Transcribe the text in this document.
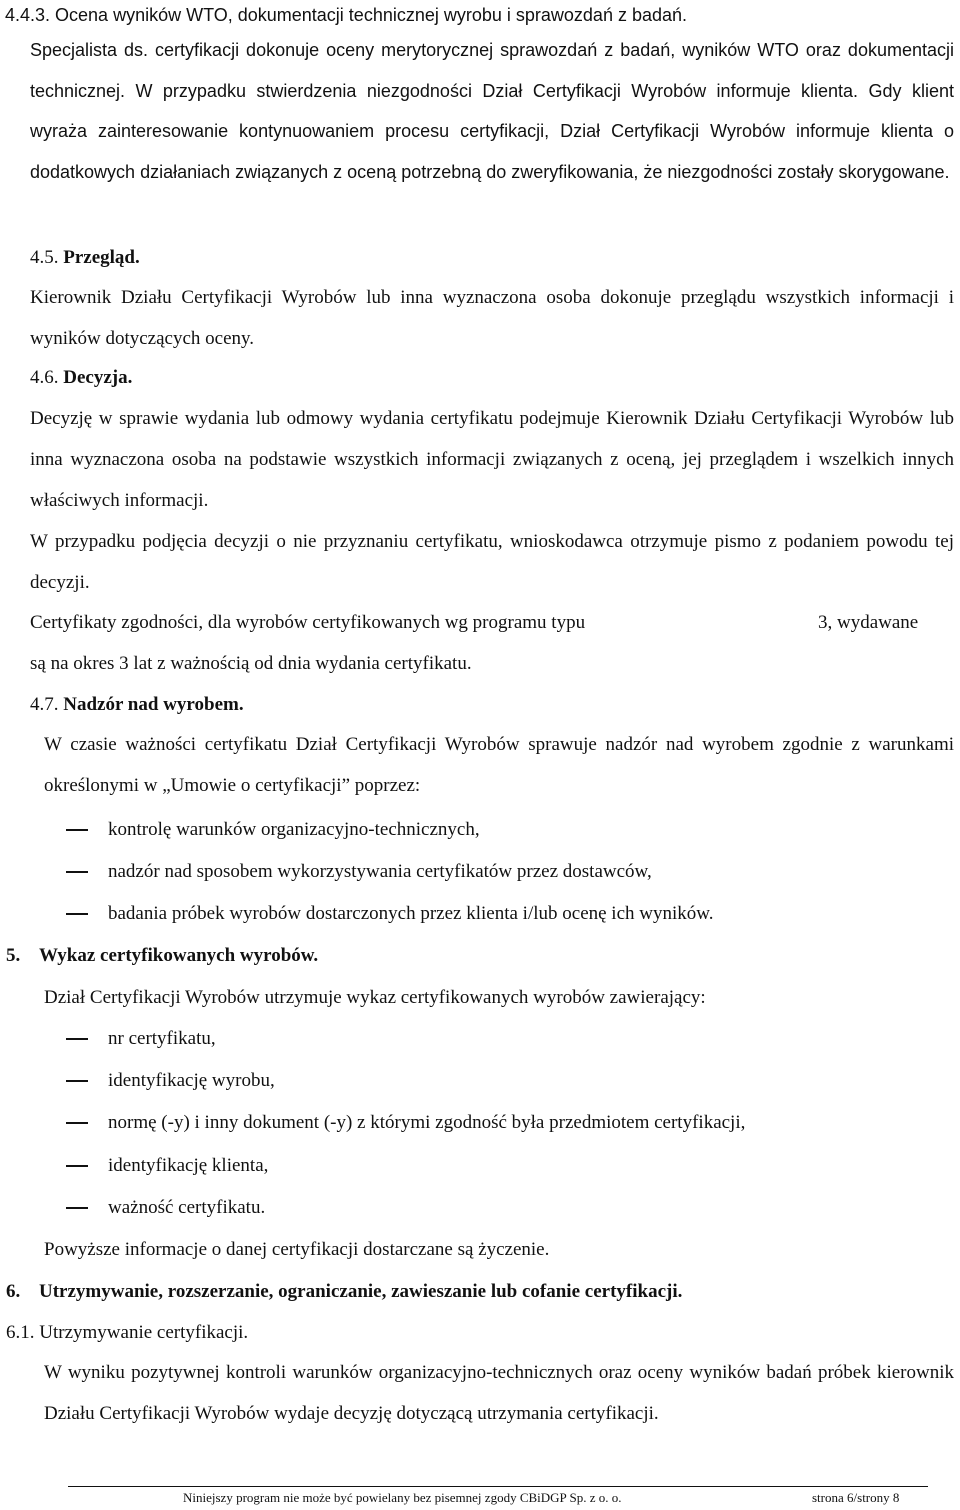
4.4.3. Ocena wyników WTO, dokumentacji technicznej wyrobu i sprawozdań z badań.

Specjalista ds. certyfikacji dokonuje oceny merytorycznej sprawozdań z badań, wyników WTO oraz dokumentacji technicznej. W przypadku stwierdzenia niezgodności Dział Certyfikacji Wyrobów informuje klienta. Gdy klient wyraża zainteresowanie kontynuowaniem procesu certyfikacji, Dział Certyfikacji Wyrobów informuje klienta o dodatkowych działaniach związanych z oceną potrzebną do zweryfikowania, że niezgodności zostały skorygowane.

4.5. Przegląd.

Kierownik Działu Certyfikacji Wyrobów lub inna wyznaczona osoba dokonuje przeglądu wszystkich informacji i wyników dotyczących oceny.

4.6. Decyzja.

Decyzję w sprawie wydania lub odmowy wydania certyfikatu podejmuje Kierownik Działu Certyfikacji Wyrobów lub inna wyznaczona osoba na podstawie wszystkich informacji związanych z oceną, jej przeglądem i wszelkich innych właściwych informacji.

W przypadku podjęcia decyzji o nie przyznaniu certyfikatu, wnioskodawca otrzymuje pismo z podaniem powodu tej decyzji.

Certyfikaty zgodności, dla wyrobów certyfikowanych wg programu typu	3, wydawane

są na okres 3 lat z ważnością od dnia wydania certyfikatu.

4.7. Nadzór nad wyrobem.

W czasie ważności certyfikatu Dział Certyfikacji Wyrobów sprawuje nadzór nad wyrobem zgodnie z warunkami określonymi w „Umowie o certyfikacji” poprzez:

kontrolę warunków organizacyjno-technicznych,

nadzór nad sposobem wykorzystywania certyfikatów przez dostawców,

badania próbek wyrobów dostarczonych przez klienta i/lub ocenę ich wyników.

5. Wykaz certyfikowanych wyrobów.

Dział Certyfikacji Wyrobów utrzymuje wykaz certyfikowanych wyrobów zawierający:

nr certyfikatu,

identyfikację wyrobu,

normę (-y) i inny dokument (-y) z którymi zgodność była przedmiotem certyfikacji,

identyfikację klienta,

ważność certyfikatu.

Powyższe informacje o danej certyfikacji dostarczane są życzenie.

6. Utrzymywanie, rozszerzanie, ograniczanie, zawieszanie lub cofanie certyfikacji.

6.1. Utrzymywanie certyfikacji.

W wyniku pozytywnej kontroli warunków organizacyjno-technicznych oraz oceny wyników badań próbek kierownik Działu Certyfikacji Wyrobów wydaje decyzję dotyczącą utrzymania certyfikacji.

Niniejszy program nie może być powielany bez pisemnej zgody CBiDGP Sp. z o. o.	strona 6/strony 8
